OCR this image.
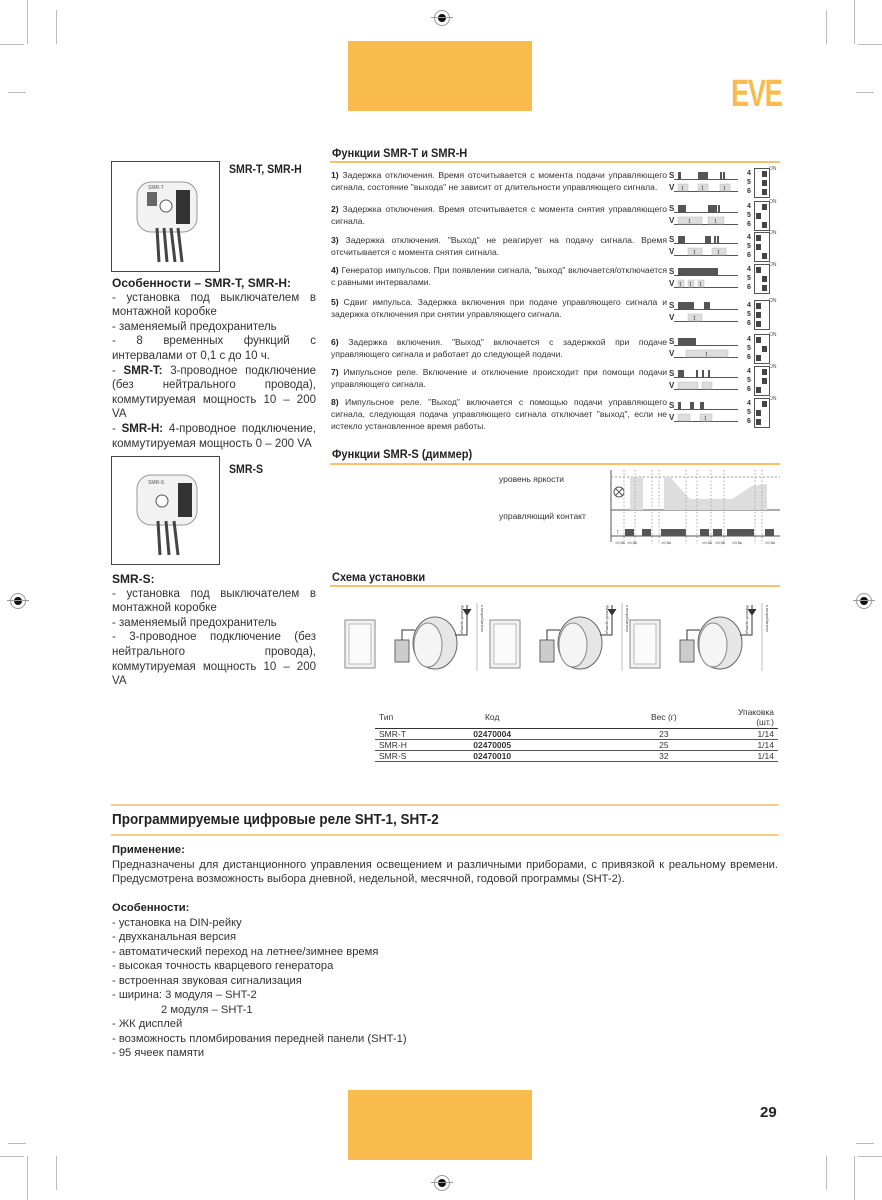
EVE
SMR-T
SMR-T, SMR-H
Особенности – SMR-T, SMR-H:
- установка под выключателем в монтажной коробке
- заменяемый предохранитель
- 8 временных функций с интервалами от 0,1 с до 10 ч.
- SMR-T: 3-проводное подключение (без нейтрального провода), коммутируемая мощность 10 – 200 VA
- SMR-H: 4-проводное подключение, коммутируемая мощность 0 – 200 VA
Функции SMR-T и SMR-H
1) Задержка отключения. Время отсчитывается с момента подачи управляющего сигнала, состояние "выхода" не зависит от длительности управляющего сигнала.
2) Задержка отключения. Время отсчитывается с момента снятия управляющего сигнала.
3) Задержка отключения. "Выход" не реагирует на подачу сигнала. Время отсчитывается с момента снятия сигнала.
4) Генератор импульсов. При появлении сигнала, "выход" включается/отключается с равными интервалами.
5) Сдвиг импульса. Задержка включения при подаче управляющего сигнала и задержка отключения при снятии управляющего сигнала.
6) Задержка включения. "Выход" включается с задержкой при подаче управляющего сигнала и работает до следующей подачи.
7) Импульсное реле. Включение и отключение происходит при помощи подачи управляющего сигнала.
8) Импульсное реле. "Выход" включается с помощью подачи управляющего сигнала, следующая подача управляющего сигнала отключает "выход", если не истекло установленное время работы.
S
V t	t	t
S
V t	t
S
V	t	t
S
V t t t
S
V	t
S
V	t
S
V
S
V	t
4
5
6
ON
4
5
6
ON
4
5
6
ON
4
5
6
ON
4
5
6
ON
4
5
6
ON
4
5
6
ON
4
5
6
ON
SMR-S
SMR-S
SMR-S:
- установка под выключателем в монтажной коробке
- заменяемый предохранитель
- 3-проводное подключение (без нейтрального провода), коммутируемая мощность 10 – 200 VA
Функции SMR-S (диммер)
уровень яркости
управляющий контакт
↑
<0,5s <0,5s	>0,5s	<0,5s <0,5s >0,5s	<0,5s
Схема установки
Фазный провод	к потребителю	Фазный провод	к потребителю	Фазный провод	к потребителю
Тип	Код	Вес (г)	Упаковка (шт.)
SMR-T	02470004	23	1/14
SMR-H	02470005	25	1/14
SMR-S	02470010	32	1/14
Программируемые цифровые реле SHT-1, SHT-2
Применение:
Предназначены для дистанционного управления освещением и различными приборами, с привязкой к реальному времени. Предусмотрена возможность выбора дневной, недельной, месячной, годовой программы (SHT-2).
Особенности:
- установка на DIN-рейку
- двухканальная версия
- автоматический переход на летнее/зимнее время
- высокая точность кварцевого генератора
- встроенная звуковая сигнализация
- ширина: 3 модуля – SHT-2
2 модуля – SHT-1
- ЖК дисплей
- возможность пломбирования передней панели (SHT-1)
- 95 ячеек памяти
29
